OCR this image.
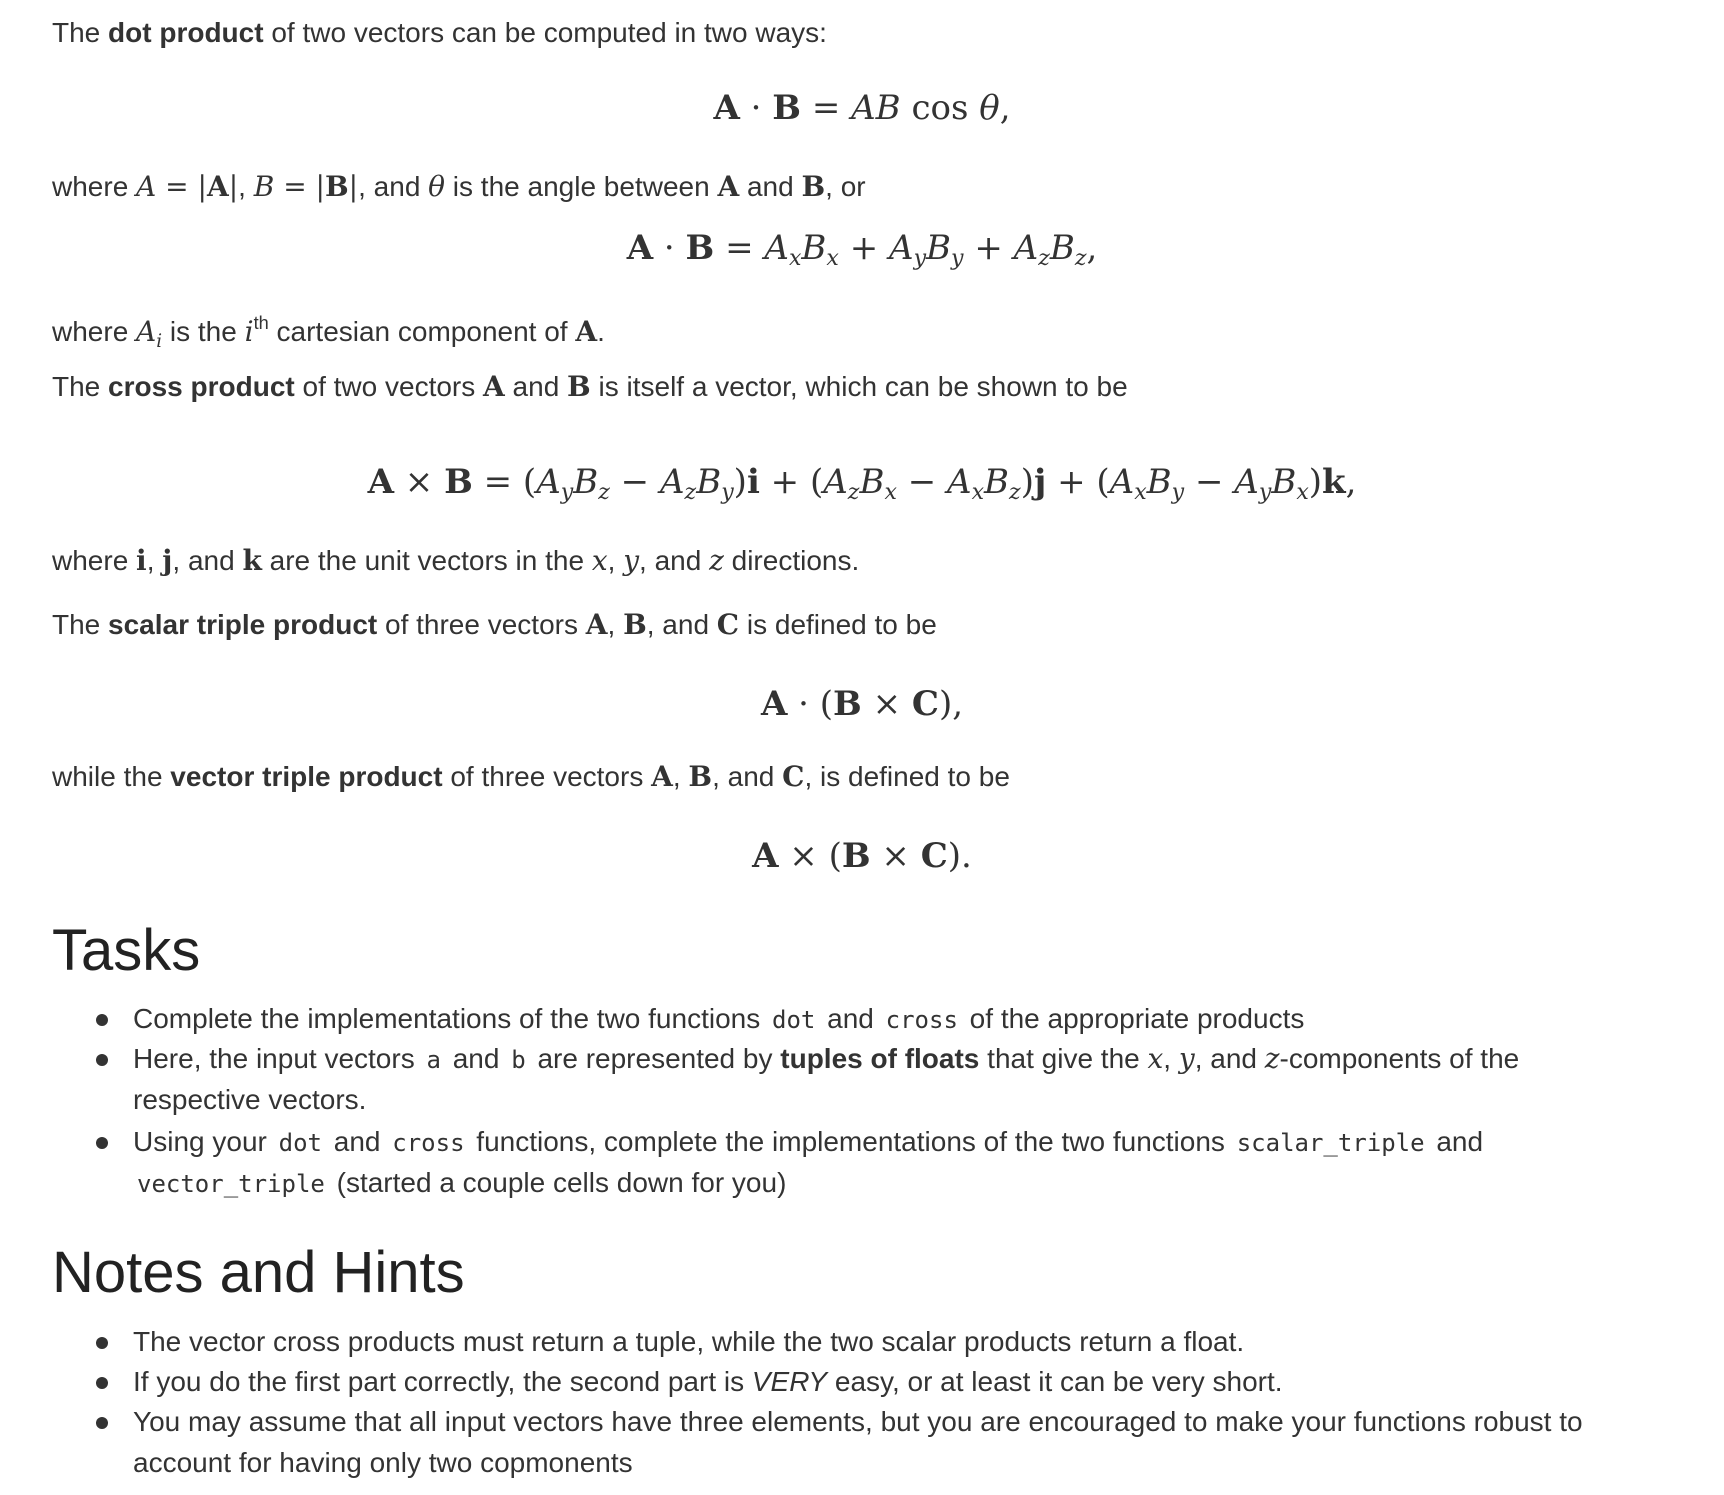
The dot product of two vectors can be computed in two ways:
A · B = AB cos θ,
where A = |A|, B = |B|, and θ is the angle between A and B, or
$A \cdot B = A_xB_x + A_yB_y + A_zB_z$,
where $A_i$ is the $i^{th}$ cartesian component of A.
The cross product of two vectors A and B is itself a vector, which can be shown to be
$A \times B = (A_yB_z - A_zB_y)i + (A_zB_x - A_xB_z)j + (A_xB_y - A_yB_x)k$,
where i, j, and k are the unit vectors in the x, y, and z directions.
The scalar triple product of three vectors A, B, and C is defined to be
A · (B × C),
while the vector triple product of three vectors A, B, and C, is defined to be
A × (B × C).
Tasks
Complete the implementations of the two functions dot and cross of the appropriate products
Here, the input vectors a and b are represented by tuples of floats that give the x, y, and z-components of the
respective vectors.
Using your dot and cross functions, complete the implementations of the two functions scalar_triple and
vector_triple (started a couple cells down for you)
Notes and Hints
The vector cross products must return a tuple, while the two scalar products return a float.
If you do the first part correctly, the second part is VERY easy, or at least it can be very short.
You may assume that all input vectors have three elements, but you are encouraged to make your functions robust to
account for having only two copmonents
